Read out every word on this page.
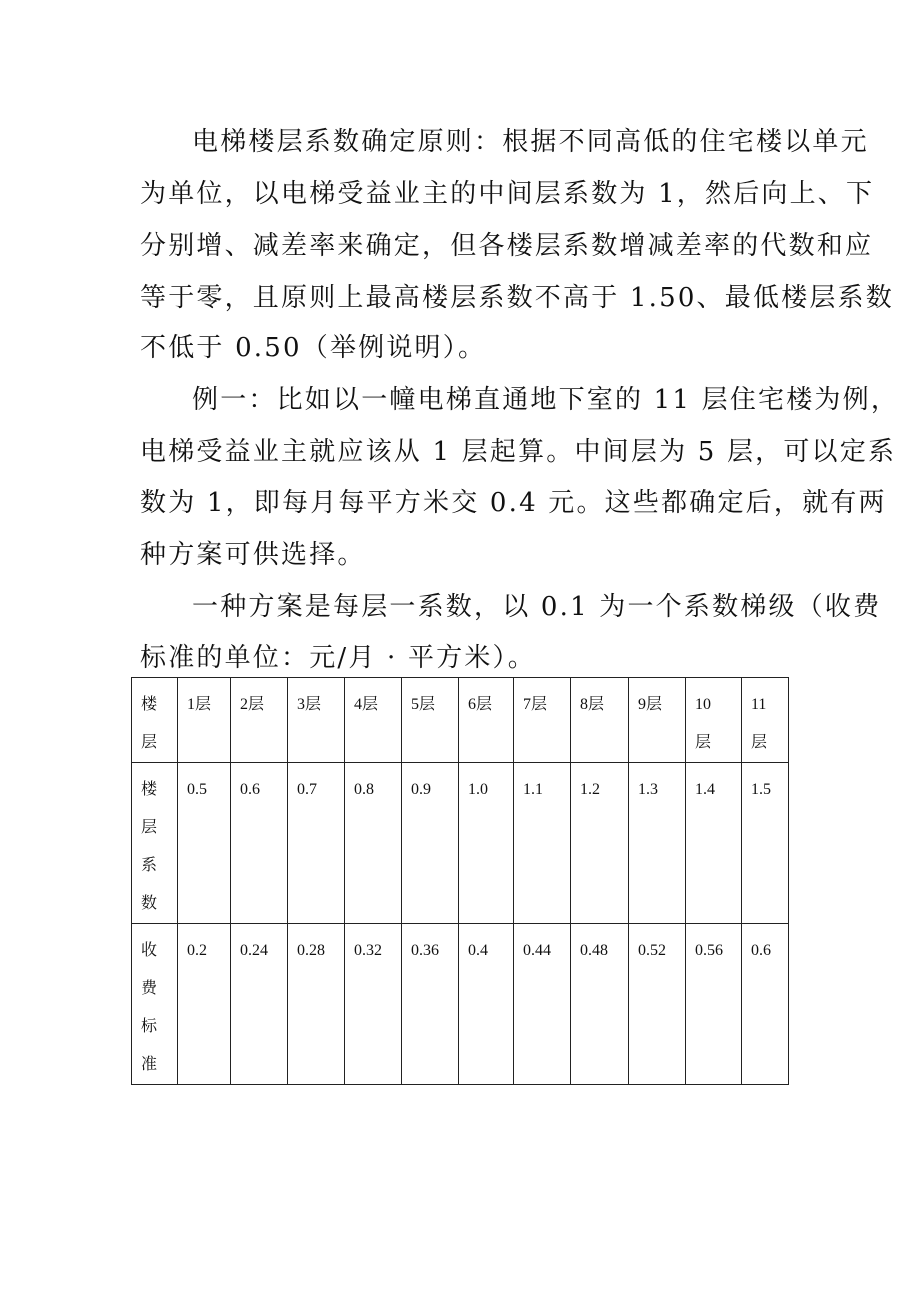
电梯楼层系数确定原则：根据不同高低的住宅楼以单元
为单位，以电梯受益业主的中间层系数为 1，然后向上、下
分别增、减差率来确定，但各楼层系数增减差率的代数和应
等于零，且原则上最高楼层系数不高于 1.50、最低楼层系数
不低于 0.50（举例说明）。
例一：比如以一幢电梯直通地下室的 11 层住宅楼为例，
电梯受益业主就应该从 1 层起算。中间层为 5 层，可以定系
数为 1，即每月每平方米交 0.4 元。这些都确定后，就有两
种方案可供选择。
一种方案是每层一系数，以 0.1 为一个系数梯级（收费
标准的单位：元/月 · 平方米）。
楼层	1层	2层	3层	4层	5层	6层	7层	8层	9层	10层	11层
楼层系数	0.5	0.6	0.7	0.8	0.9	1.0	1.1	1.2	1.3	1.4	1.5
收费标准	0.2	0.24	0.28	0.32	0.36	0.4	0.44	0.48	0.52	0.56	0.6
